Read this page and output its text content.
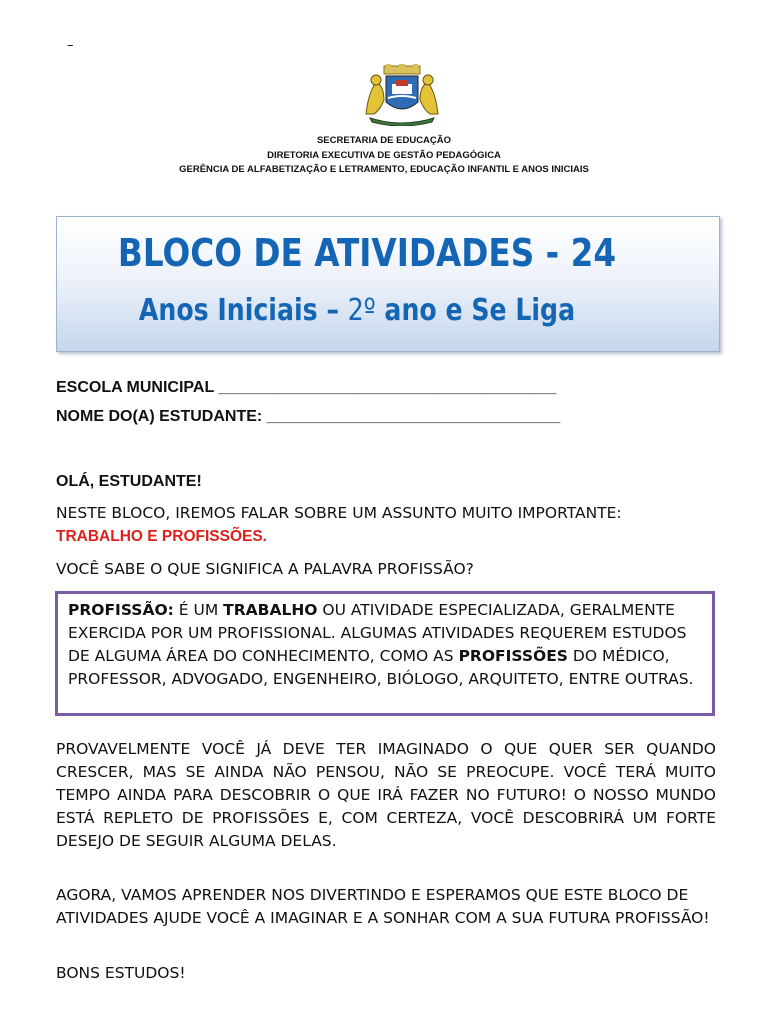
–
SECRETARIA DE EDUCAÇÃO
DIRETORIA EXECUTIVA DE GESTÃO PEDAGÓGICA
GERÊNCIA DE ALFABETIZAÇÃO E LETRAMENTO, EDUCAÇÃO INFANTIL E ANOS INICIAIS
BLOCO DE ATIVIDADES - 24
Anos Iniciais – 2º ano e Se Liga
ESCOLA MUNICIPAL ______________________________________
NOME DO(A) ESTUDANTE: _________________________________
OLÁ, ESTUDANTE!
NESTE BLOCO, IREMOS FALAR SOBRE UM ASSUNTO MUITO IMPORTANTE:
TRABALHO E PROFISSÕES.
VOCÊ SABE O QUE SIGNIFICA A PALAVRA PROFISSÃO?
PROFISSÃO: É UM TRABALHO OU ATIVIDADE ESPECIALIZADA, GERALMENTE EXERCIDA POR UM PROFISSIONAL. ALGUMAS ATIVIDADES REQUEREM ESTUDOS DE ALGUMA ÁREA DO CONHECIMENTO, COMO AS PROFISSÕES DO MÉDICO, PROFESSOR, ADVOGADO, ENGENHEIRO, BIÓLOGO, ARQUITETO, ENTRE OUTRAS.
PROVAVELMENTE VOCÊ JÁ DEVE TER IMAGINADO O QUE QUER SER QUANDO CRESCER, MAS SE AINDA NÃO PENSOU, NÃO SE PREOCUPE. VOCÊ TERÁ MUITO TEMPO AINDA PARA DESCOBRIR O QUE IRÁ FAZER NO FUTURO! O NOSSO MUNDO ESTÁ REPLETO DE PROFISSÕES E, COM CERTEZA, VOCÊ DESCOBRIRÁ UM FORTE DESEJO DE SEGUIR ALGUMA DELAS.
AGORA, VAMOS APRENDER NOS DIVERTINDO E ESPERAMOS QUE ESTE BLOCO DE ATIVIDADES AJUDE VOCÊ A IMAGINAR E A SONHAR COM A SUA FUTURA PROFISSÃO!
BONS ESTUDOS!
